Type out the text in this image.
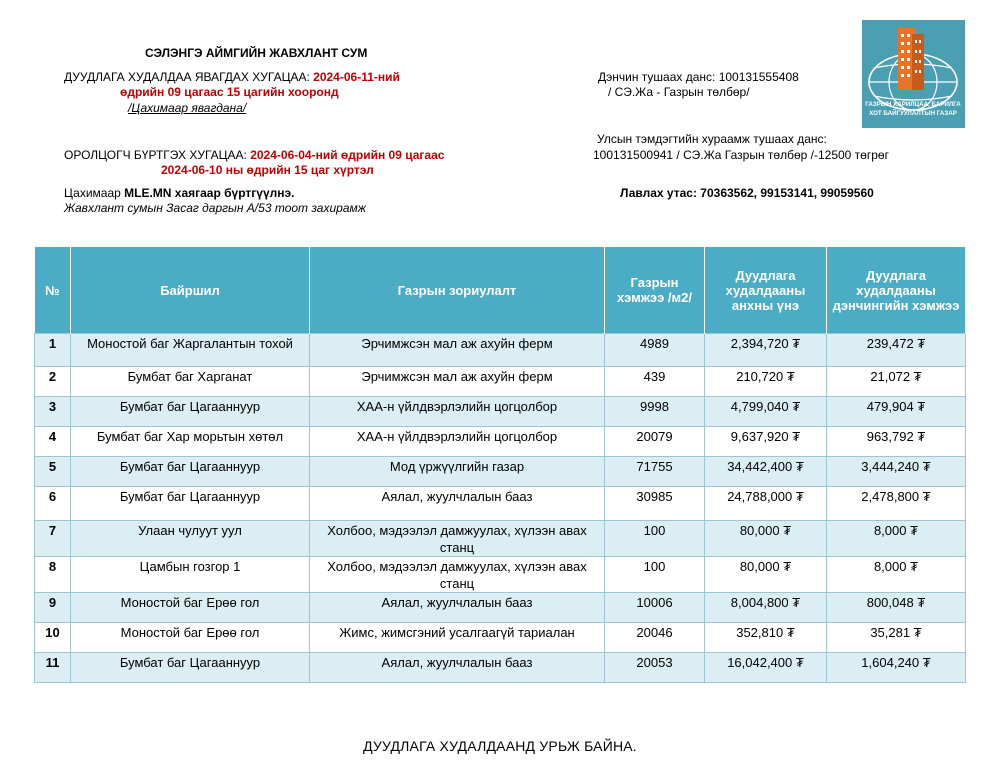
СЭЛЭНГЭ АЙМГИЙН ЖАВХЛАНТ СУМ
ДУУДЛАГА ХУДАЛДАА ЯВАГДАХ ХУГАЦАА: 2024-06-11-ний
өдрийн 09 цагаас 15 цагийн хооронд
/Цахимаар явагдана/
Дэнчин тушаах данс: 100131555408
/ СЭ.Жа - Газрын төлбөр/
Улсын тэмдэгтийн хураамж тушаах данс:
100131500941 / СЭ.Жа Газрын төлбөр /-12500 төгрөг
ОРОЛЦОГЧ БҮРТГЭХ ХУГАЦАА: 2024-06-04-ний өдрийн 09 цагаас
2024-06-10 ны өдрийн 15 цаг хүртэл
Цахимаар MLE.MN хаягаар бүртгүүлнэ.
Жавхлант сумын Засаг даргын А/53 тоот захирамж
Лавлах утас: 70363562, 99153141, 99059560
ГАЗРЫН ХАРИЛЦАА, БАРИЛГА
ХОТ БАЙГУУЛАЛТЫН ГАЗАР
№	Байршил	Газрын зориулалт	Газрын хэмжээ /м2/	Дуудлага худалдааны анхны үнэ	Дуудлага худалдааны дэнчингийн хэмжээ
1	Моностой баг Жаргалантын тохой	Эрчимжсэн мал аж ахуйн ферм	4989	2,394,720 ₮	239,472 ₮
2	Бумбат баг Харганат	Эрчимжсэн мал аж ахуйн ферм	439	210,720 ₮	21,072 ₮
3	Бумбат баг Цагааннуур	ХАА-н үйлдвэрлэлийн цогцолбор	9998	4,799,040 ₮	479,904 ₮
4	Бумбат баг Хар морьтын хөтөл	ХАА-н үйлдвэрлэлийн цогцолбор	20079	9,637,920 ₮	963,792 ₮
5	Бумбат баг Цагааннуур	Мод үржүүлгийн газар	71755	34,442,400 ₮	3,444,240 ₮
6	Бумбат баг Цагааннуур	Аялал, жуулчлалын бааз	30985	24,788,000 ₮	2,478,800 ₮
7	Улаан чулуут уул	Холбоо, мэдээлэл дамжуулах, хүлээн авах станц	100	80,000 ₮	8,000 ₮
8	Цамбын гозгор 1	Холбоо, мэдээлэл дамжуулах, хүлээн авах станц	100	80,000 ₮	8,000 ₮
9	Моностой баг Ерөө гол	Аялал, жуулчлалын бааз	10006	8,004,800 ₮	800,048 ₮
10	Моностой баг Ерөө гол	Жимс, жимсгэний усалгаагүй тариалан	20046	352,810 ₮	35,281 ₮
11	Бумбат баг Цагааннуур	Аялал, жуулчлалын бааз	20053	16,042,400 ₮	1,604,240 ₮
ДУУДЛАГА ХУДАЛДААНД УРЬЖ БАЙНА.
